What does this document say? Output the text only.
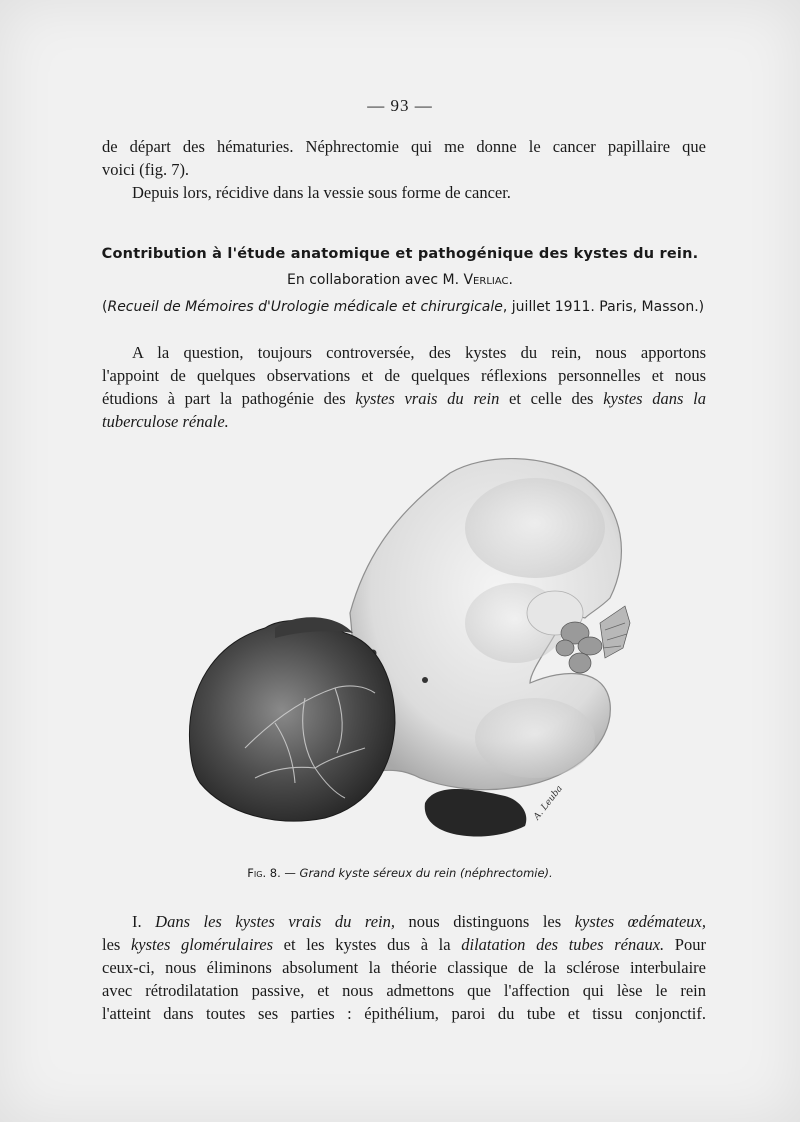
— 93 —
de départ des hématuries. Néphrectomie qui me donne le cancer papillaire que
voici (fig. 7).
Depuis lors, récidive dans la vessie sous forme de cancer.
Contribution à l'étude anatomique et pathogénique des kystes du rein.
En collaboration avec M. Verliac.
(Recueil de Mémoires d'Urologie médicale et chirurgicale, juillet 1911. Paris, Masson.)
A la question, toujours controversée, des kystes du rein, nous apportons
l'appoint de quelques observations et de quelques réflexions personnelles et nous
étudions à part la pathogénie des kystes vrais du rein et celle des kystes dans la
tuberculose rénale.
A. Leuba
Fig. 8. — Grand kyste séreux du rein (néphrectomie).
I. Dans les kystes vrais du rein, nous distinguons les kystes œdémateux,
les kystes glomérulaires et les kystes dus à la dilatation des tubes rénaux. Pour
ceux-ci, nous éliminons absolument la théorie classique de la sclérose interbulaire
avec rétrodilatation passive, et nous admettons que l'affection qui lèse le rein
l'atteint dans toutes ses parties : épithélium, paroi du tube et tissu conjonctif.
